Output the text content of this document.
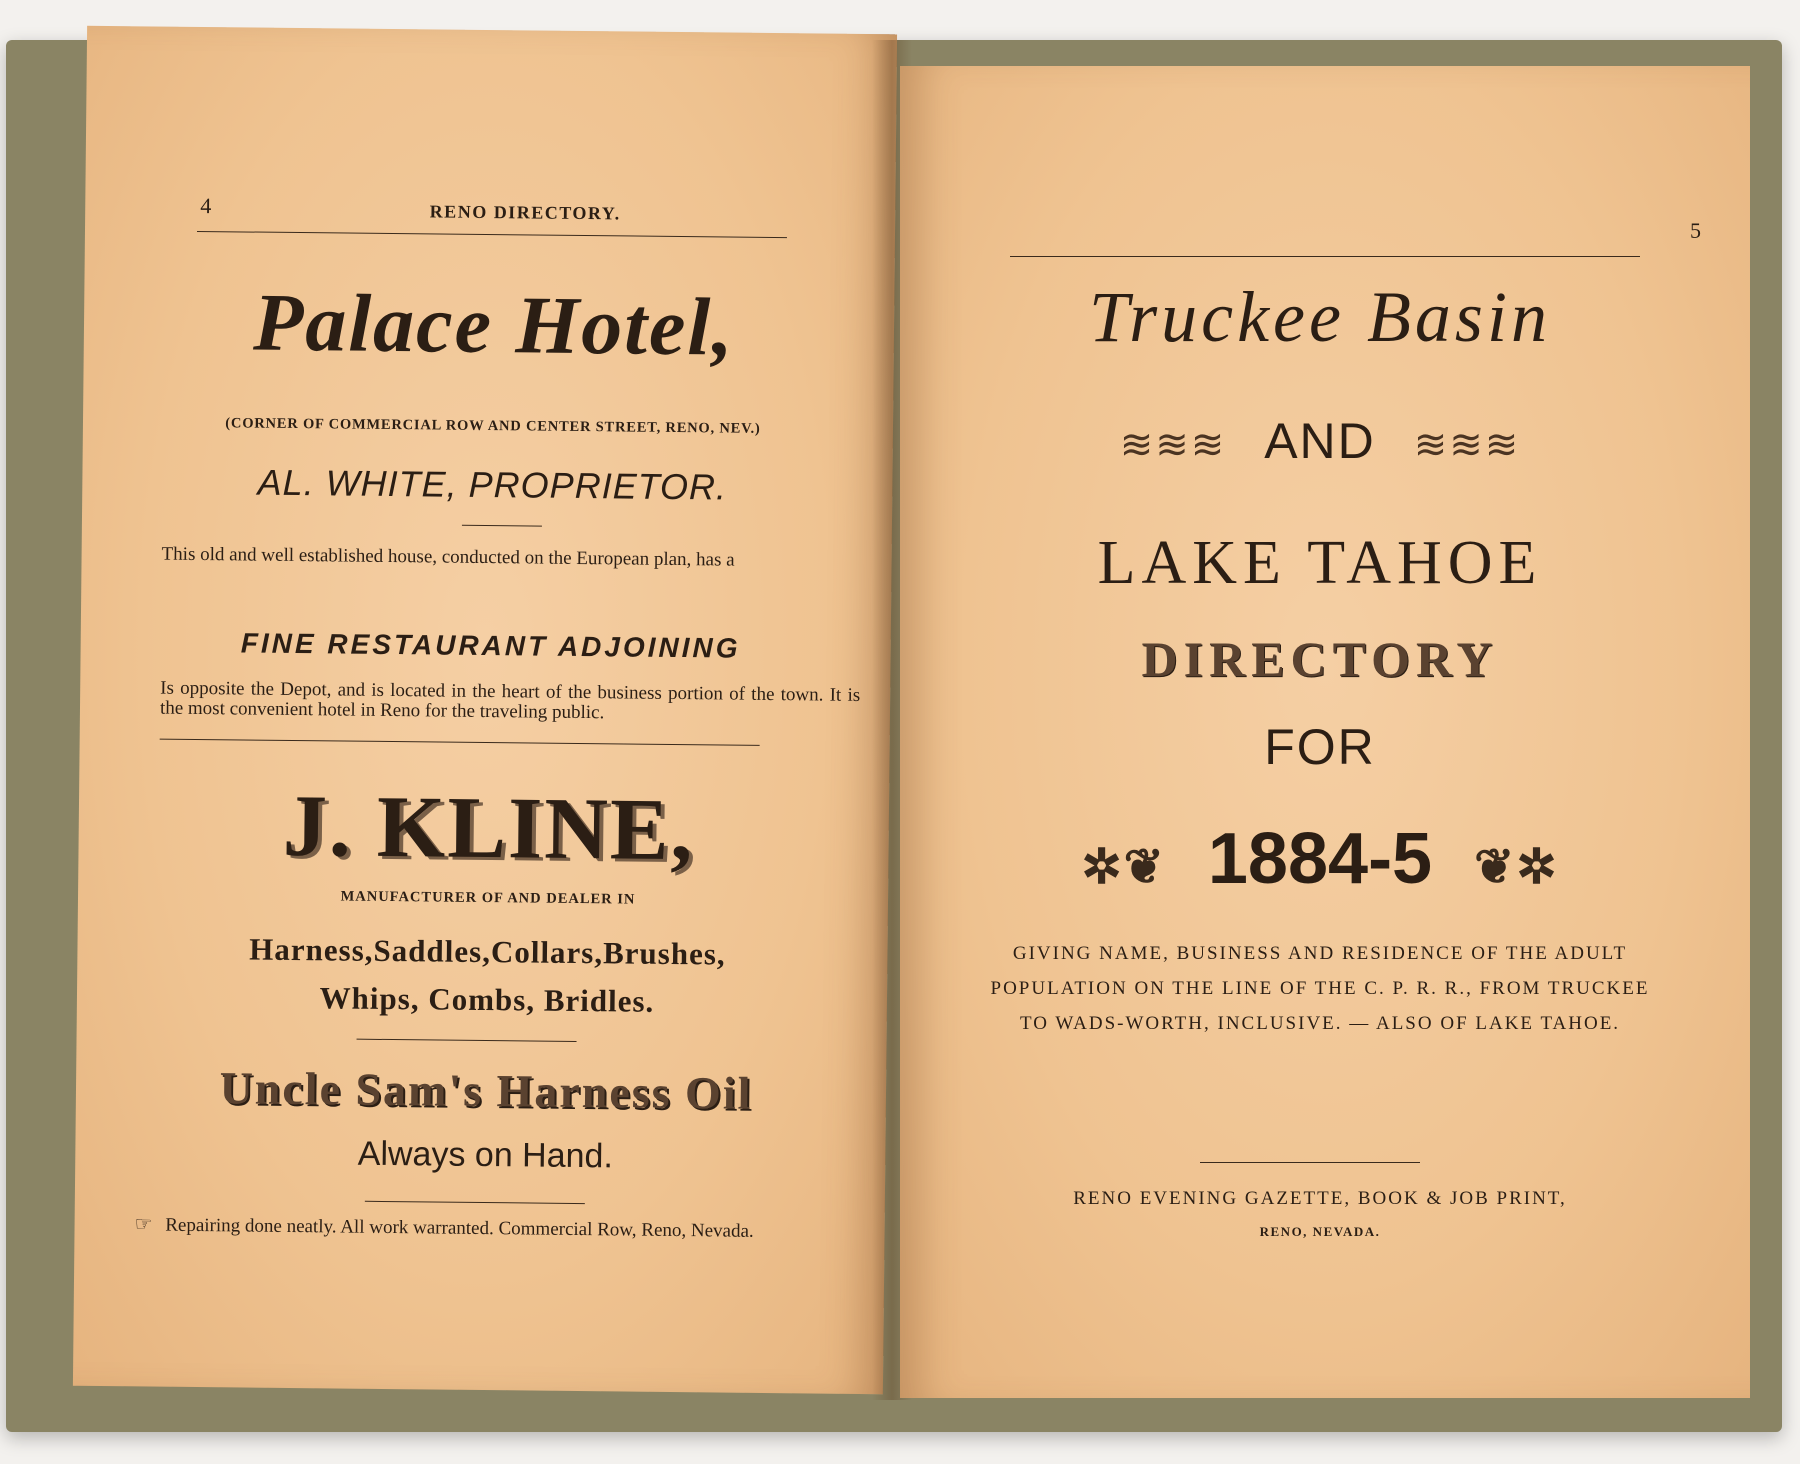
4	RENO DIRECTORY.
Palace Hotel,
(CORNER OF COMMERCIAL ROW AND CENTER STREET, RENO, NEV.)
AL. WHITE, PROPRIETOR.
This old and well established house, conducted on the European plan, has a
FINE RESTAURANT ADJOINING
Is opposite the Depot, and is located in the heart of the business portion of the town. It is the most convenient hotel in Reno for the traveling public.
J. KLINE,
MANUFACTURER OF AND DEALER IN
Harness,Saddles,Collars,Brushes,
Whips, Combs, Bridles.
Uncle Sam's Harness Oil
Always on Hand.
☞ Repairing done neatly. All work warranted. Commercial Row, Reno, Nevada.
5
Truckee Basin
≋≋≋ AND ≋≋≋
LAKE TAHOE
DIRECTORY
FOR
✲❦ 1884-5 ❦✲
GIVING NAME, BUSINESS AND RESIDENCE OF THE ADULT POPULATION ON THE LINE OF THE C. P. R. R., FROM TRUCKEE TO WADS-WORTH, INCLUSIVE. — ALSO OF LAKE TAHOE.
RENO EVENING GAZETTE, BOOK & JOB PRINT,
RENO, NEVADA.
